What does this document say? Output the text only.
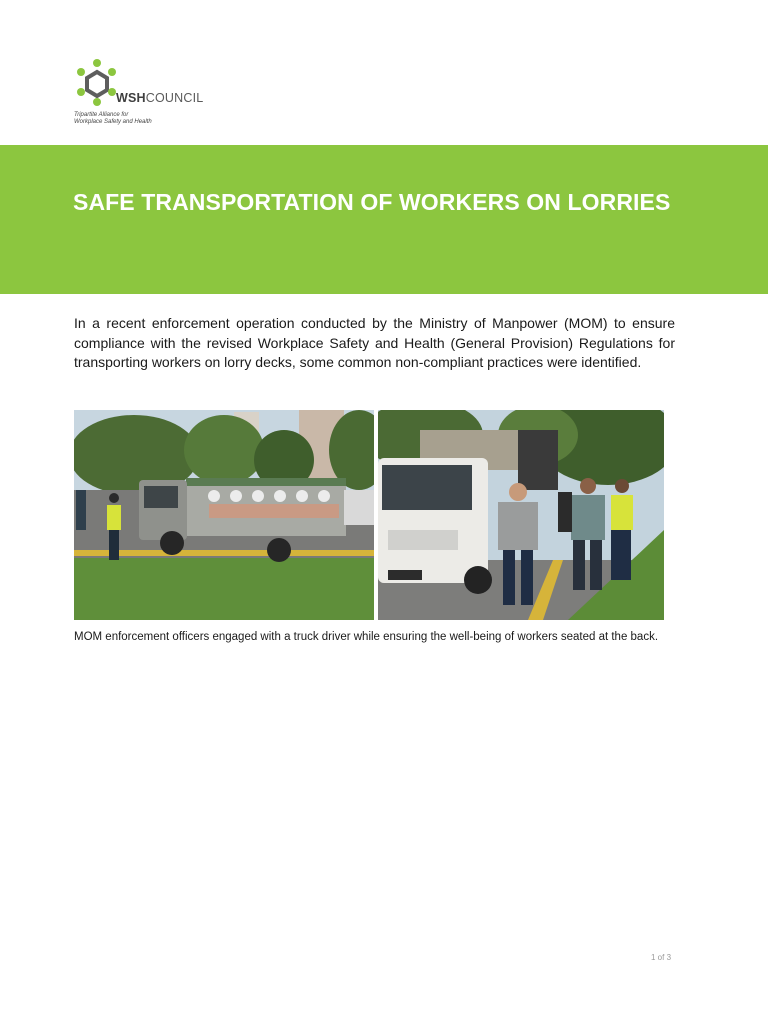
WSHCOUNCIL
Tripartite Alliance for
Workplace Safety and Health
SAFE TRANSPORTATION OF WORKERS ON LORRIES
In a recent enforcement operation conducted by the Ministry of Manpower (MOM) to ensure compliance with the revised Workplace Safety and Health (General Provision) Regulations for transporting workers on lorry decks, some common non-compliant practices were identified.
MOM enforcement officers engaged with a truck driver while ensuring the well-being of workers seated at the back.
1 of 3
